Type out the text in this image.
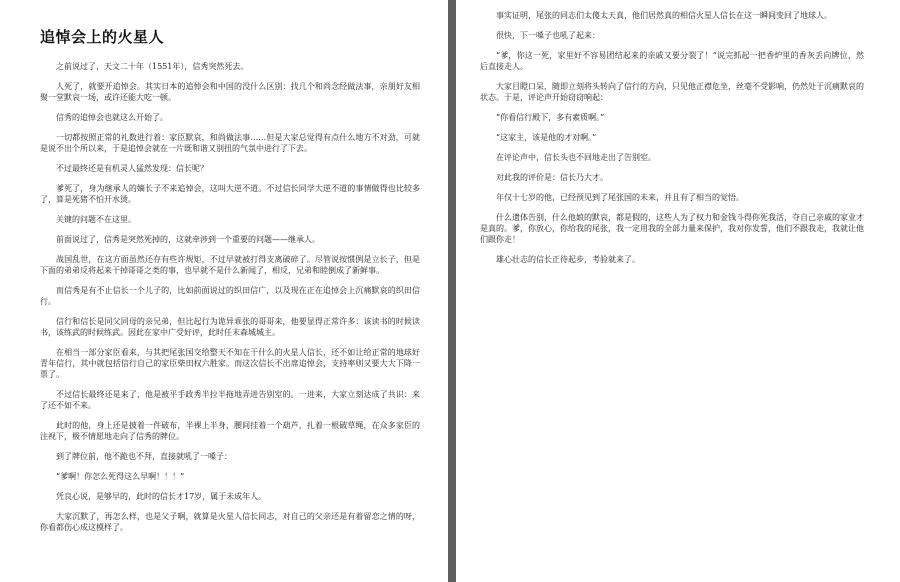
追悼会上的火星人

之前说过了，天文二十年（1551年），信秀突然死去。

人死了，就要开追悼会。其实日本的追悼会和中国的没什么区别：找几个和尚念经做法事，亲朋好友相聚一堂默哀一场，或许还能大吃一顿。

信秀的追悼会也就这么开始了。

一切都按照正常的礼数进行着：家臣默哀，和尚做法事……但是大家总觉得有点什么地方不对劲，可就是说不出个所以来，于是追悼会就在一片既和谐又别扭的气氛中进行了下去。

不过最终还是有机灵人猛然发现：信长呢？

爹死了，身为继承人的嫡长子不来追悼会，这叫大逆不道。不过信长同学大逆不道的事情做得也比较多了，算是死猪不怕开水烫。

关键的问题不在这里。

前面说过了，信秀是突然死掉的，这就牵涉到一个重要的问题——继承人。

战国乱世，在这方面虽然还存有些许规矩，不过早就被打得支离破碎了。尽管说按惯例是立长子，但是下面的弟弟反将起来干掉哥哥之类的事，也早就不是什么新闻了，相反，兄弟和睦倒成了新鲜事。

而信秀是有不止信长一个儿子的，比如前面说过的织田信广，以及现在正在追悼会上沉痛默哀的织田信行。

信行和信长是同父同母的亲兄弟，但比起行为诡异乖张的哥哥来，他要显得正常许多：该读书的时候读书，该练武的时候练武。因此在家中广受好评，此时任末森城城主。

在相当一部分家臣看来，与其把尾张国交给整天不知在干什么的火星人信长，还不如让给正常的地球好青年信行，其中就包括信行自己的家臣柴田权六胜家。而这次信长不出席追悼会，支持率则又要大大下降一票了。

不过信长最终还是来了，他是被平手政秀半拉半拖地弄进告别室的。一进来，大家立刻达成了共识：来了还不如不来。

此时的他，身上还是披着一件破布，半裸上半身，腰间挂着一个葫芦，扎着一根破草绳，在众多家臣的注视下，极不情愿地走向了信秀的牌位。

到了牌位前，他不跪也不拜，直接就吼了一嗓子：

“爹啊！你怎么死得这么早啊！！！”

凭良心说，是够早的，此时的信长才17岁，属于未成年人。

大家沉默了，再怎么样，也是父子啊，就算是火星人信长同志，对自己的父亲还是有着留恋之情的呀，你看都伤心成这模样了。

事实证明，尾张的同志们太傻太天真，他们居然真的相信火星人信长在这一瞬间变回了地球人。

很快，下一嗓子也吼了起来：

“爹，你这一死，家里好不容易团结起来的亲戚又要分裂了！”说完抓起一把香炉里的香灰丢向牌位，然后直接走人。

大家目瞪口呆，随即立刻将头转向了信行的方向，只见他正襟危坐，丝毫不受影响，仍然处于沉痛默哀的状态。于是，评论声开始窃窃响起：

“你看信行殿下，多有素质啊。”

“这家主，该是他的才对啊。”

在评论声中，信长头也不回地走出了告别室。

对此我的评价是：信长乃大才。

年仅十七岁的他，已经预见到了尾张国的未来，并且有了相当的觉悟。

什么遗体告别，什么他娘的默哀，都是假的，这些人为了权力和金钱斗得你死我活，夺自己亲戚的家业才是真的。爹，你放心，你给我的尾张，我一定用我的全部力量来保护，我对你发誓，他们不跟我走，我就让他们跟你走！

雄心壮志的信长正待起步，考验就来了。
